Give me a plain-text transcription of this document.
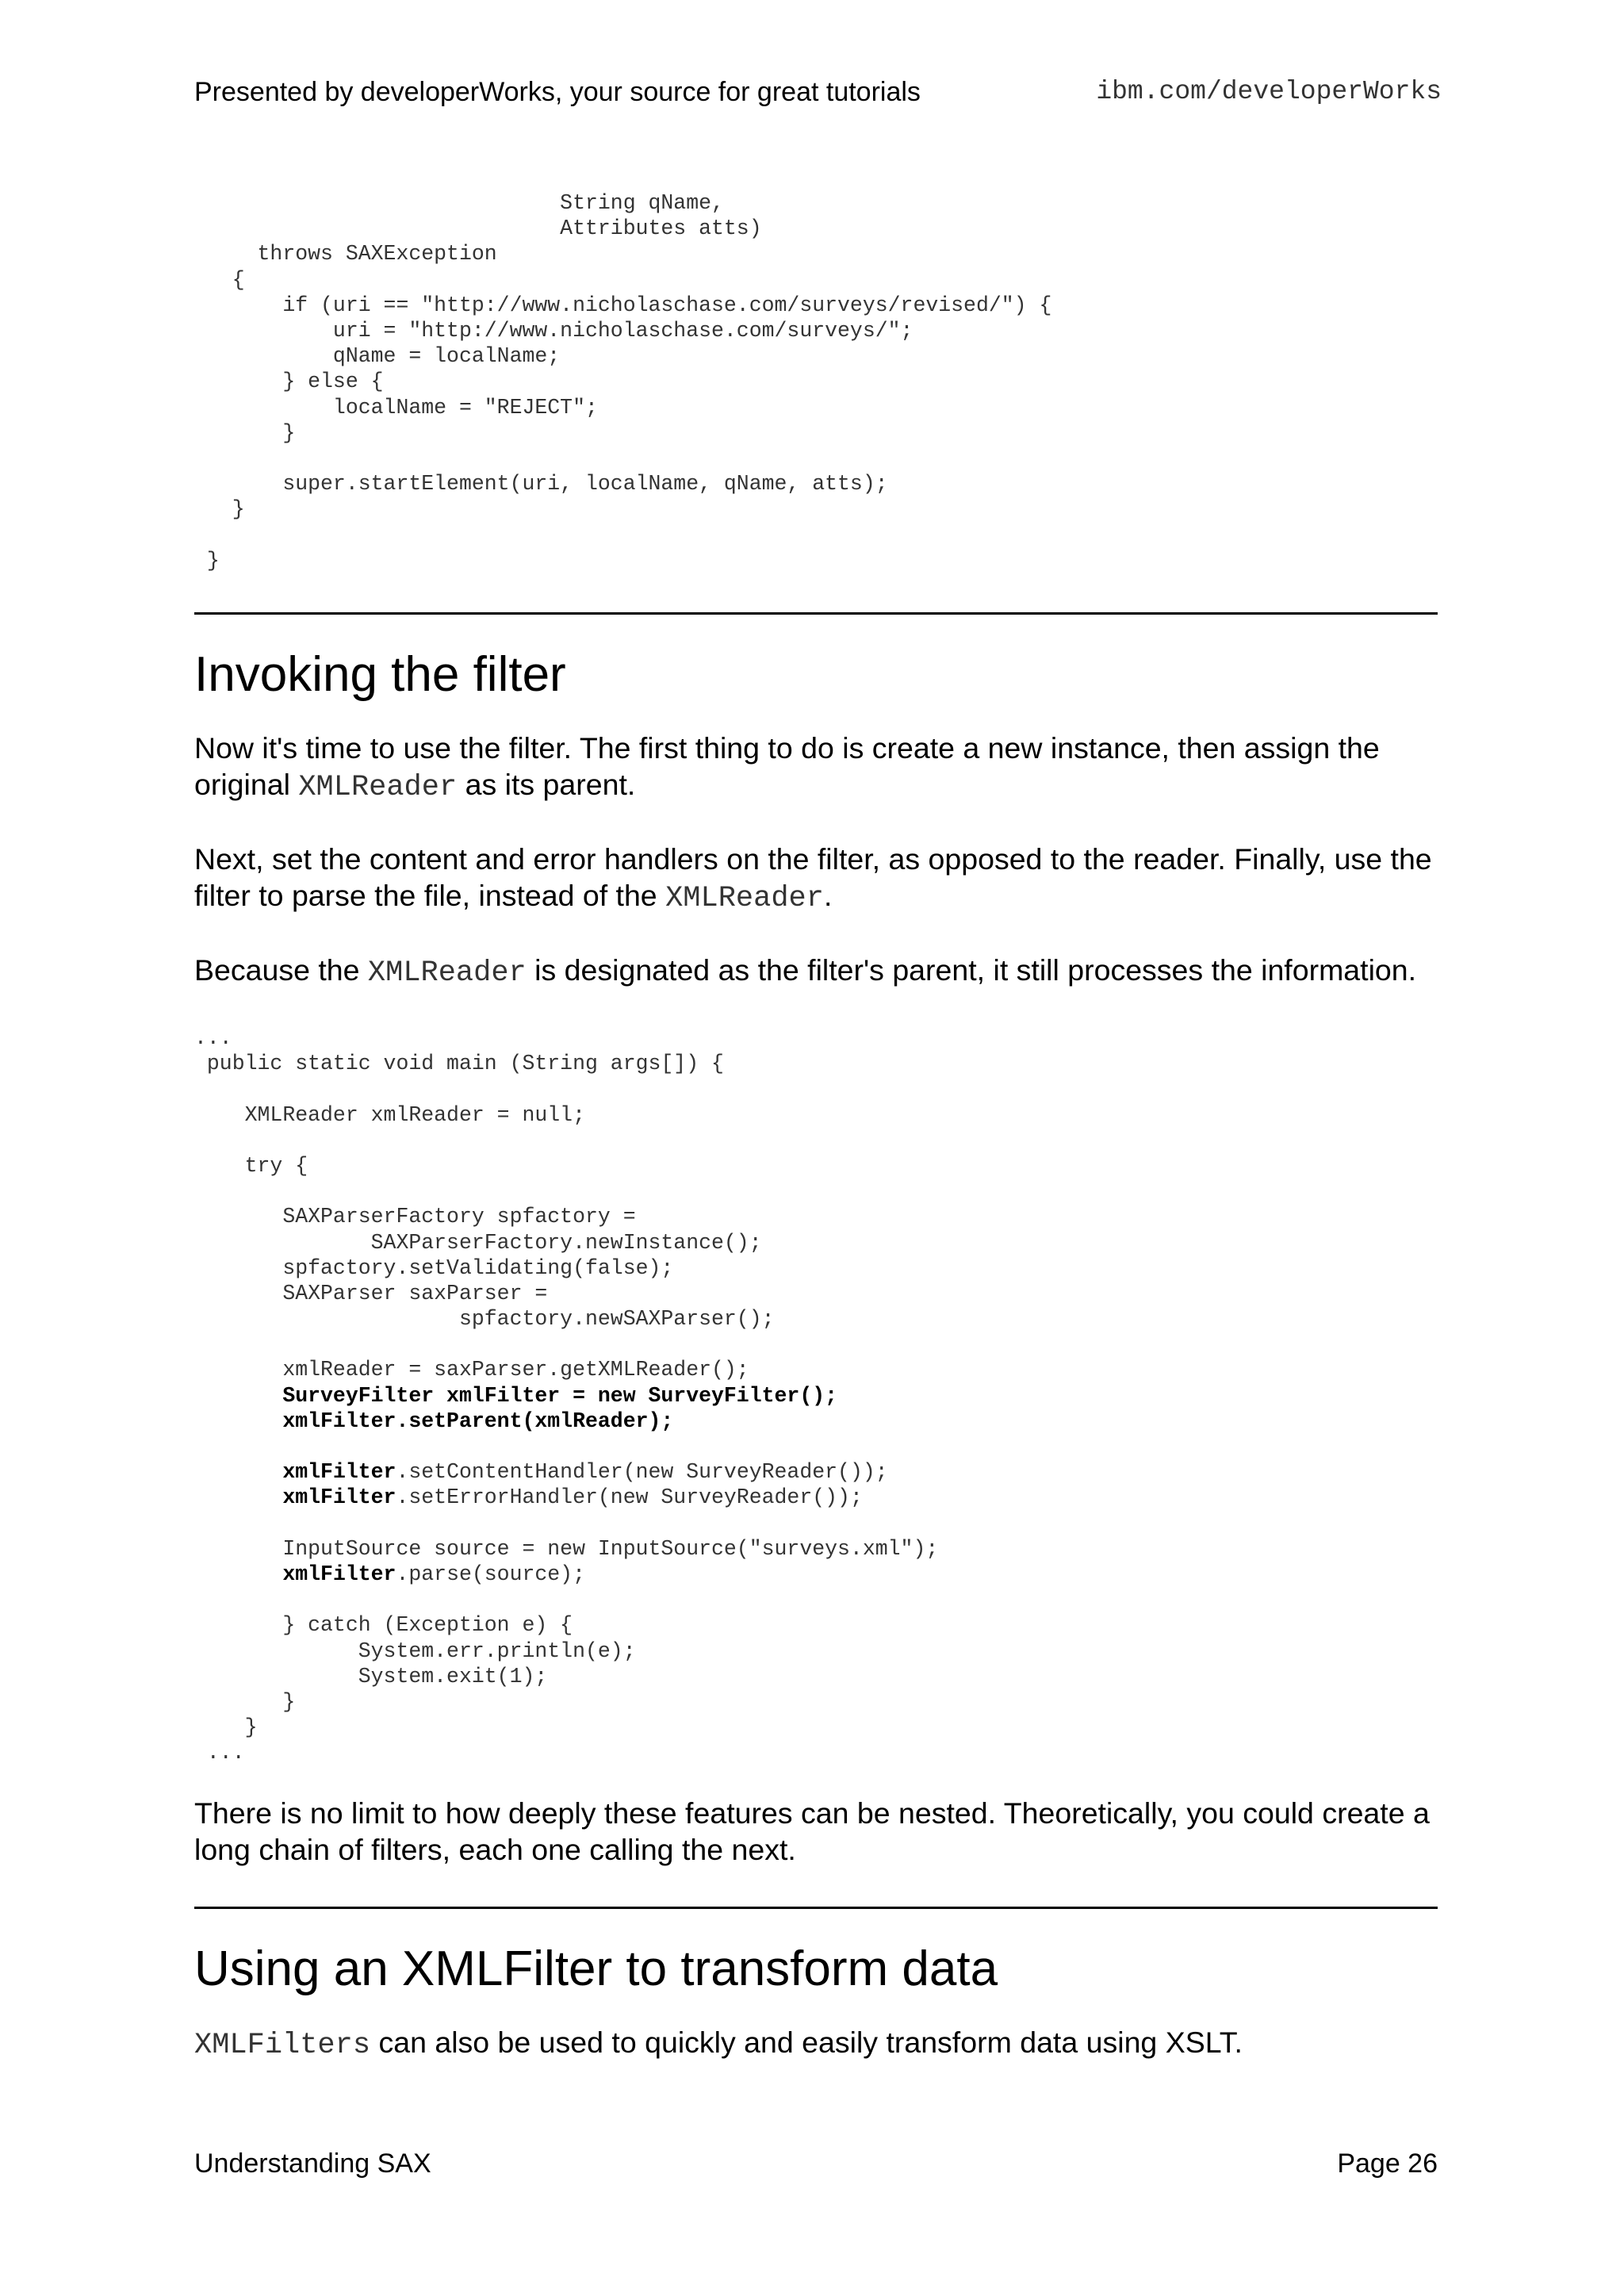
Presented by developerWorks, your source for great tutorials	ibm.com/developerWorks
String qName,
Attributes atts)
throws SAXException
{
if (uri == "http://www.nicholaschase.com/surveys/revised/") {
uri = "http://www.nicholaschase.com/surveys/";
qName = localName;
} else {
localName = "REJECT";
}

super.startElement(uri, localName, qName, atts);
}

}
Invoking the filter

Now it's time to use the filter. The first thing to do is create a new instance, then assign the original XMLReader as its parent.

Next, set the content and error handlers on the filter, as opposed to the reader. Finally, use the filter to parse the file, instead of the XMLReader.

Because the XMLReader is designated as the filter's parent, it still processes the information.

...
public static void main (String args[]) {

XMLReader xmlReader = null;

try {

SAXParserFactory spfactory =
SAXParserFactory.newInstance();
spfactory.setValidating(false);
SAXParser saxParser =
spfactory.newSAXParser();

xmlReader = saxParser.getXMLReader();
SurveyFilter xmlFilter = new SurveyFilter();
xmlFilter.setParent(xmlReader);

xmlFilter.setContentHandler(new SurveyReader());
xmlFilter.setErrorHandler(new SurveyReader());

InputSource source = new InputSource("surveys.xml");
xmlFilter.parse(source);

} catch (Exception e) {
System.err.println(e);
System.exit(1);
}
}
...

There is no limit to how deeply these features can be nested. Theoretically, you could create a long chain of filters, each one calling the next.

Using an XMLFilter to transform data

XMLFilters can also be used to quickly and easily transform data using XSLT.

Understanding SAX	Page 26
